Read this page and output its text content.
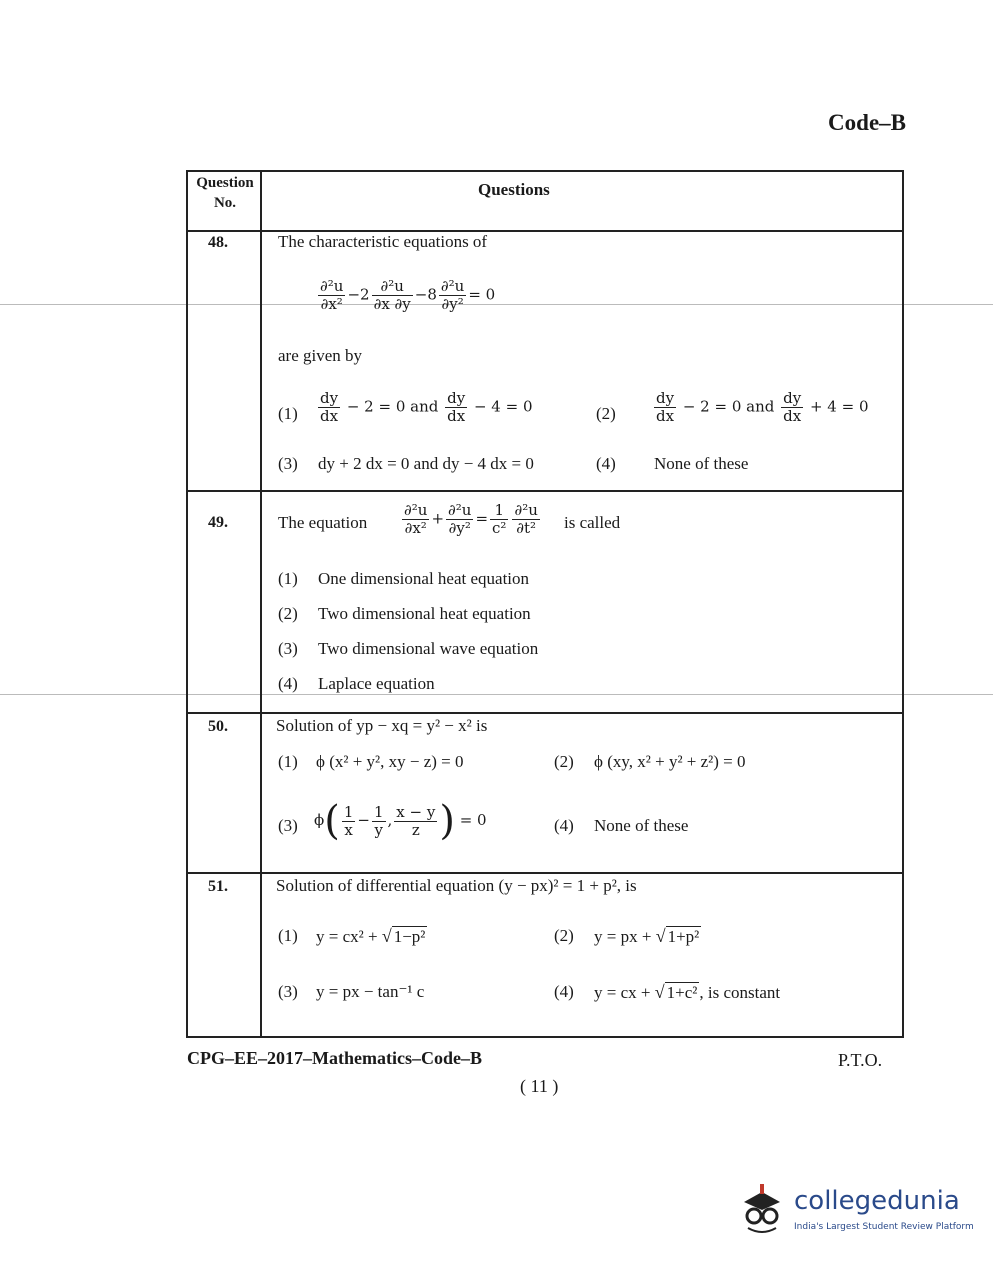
Code–B
Question No.
Questions
48.	The characteristic equations of
$\frac{\text{∂²u}}{\text{∂x²}} -2 \frac{\text{∂²u}}{\partial x \partial y} -8 \frac{\text{∂²u}}{\text{∂y²}} = 0$
are given by
$(1) \frac{dy}{dx} - 2 = 0$ and $\frac{dy}{dx} - 4 = 0$	(2)	$\frac{dy}{dx} - 2 = 0$ and $\frac{dy}{dx} + 4 = 0$
(3) dy + 2 dx = 0 and dy − 4 dx = 0	(4) None of these
49.	The equation $\frac{\text{∂²u}}{\text{∂x²}} + \frac{\text{∂²u}}{\text{∂y²}} = \frac{1}{\text{c²}} \frac{\text{∂²u}}{\text{∂t²}}$ is called
(1) One dimensional heat equation
(2) Two dimensional heat equation
(3) Two dimensional wave equation
(4) Laplace equation
50.	Solution of yp − xq = y² − x² is
(1) ϕ (x² + y², xy − z) = 0	(2) ϕ (xy, x² + y² + z²) = 0
(3) $\phi( \frac{1}{x} - \frac{1}{y}$ , $\frac{x - y}{z}$ ) = 0	(4) None of these
51.	Solution of differential equation (y − px)² = 1 + p², is
(1) y = cx² + √ 1−p²	(2) y = px + √ 1+p²
(3) y = px − tan⁻¹ c	(4) y = cx + √ 1+c² , is constant
CPG–EE–2017–Mathematics–Code–B	P.T.O.
( 11 )
collegedunia
India's Largest Student Review Platform
